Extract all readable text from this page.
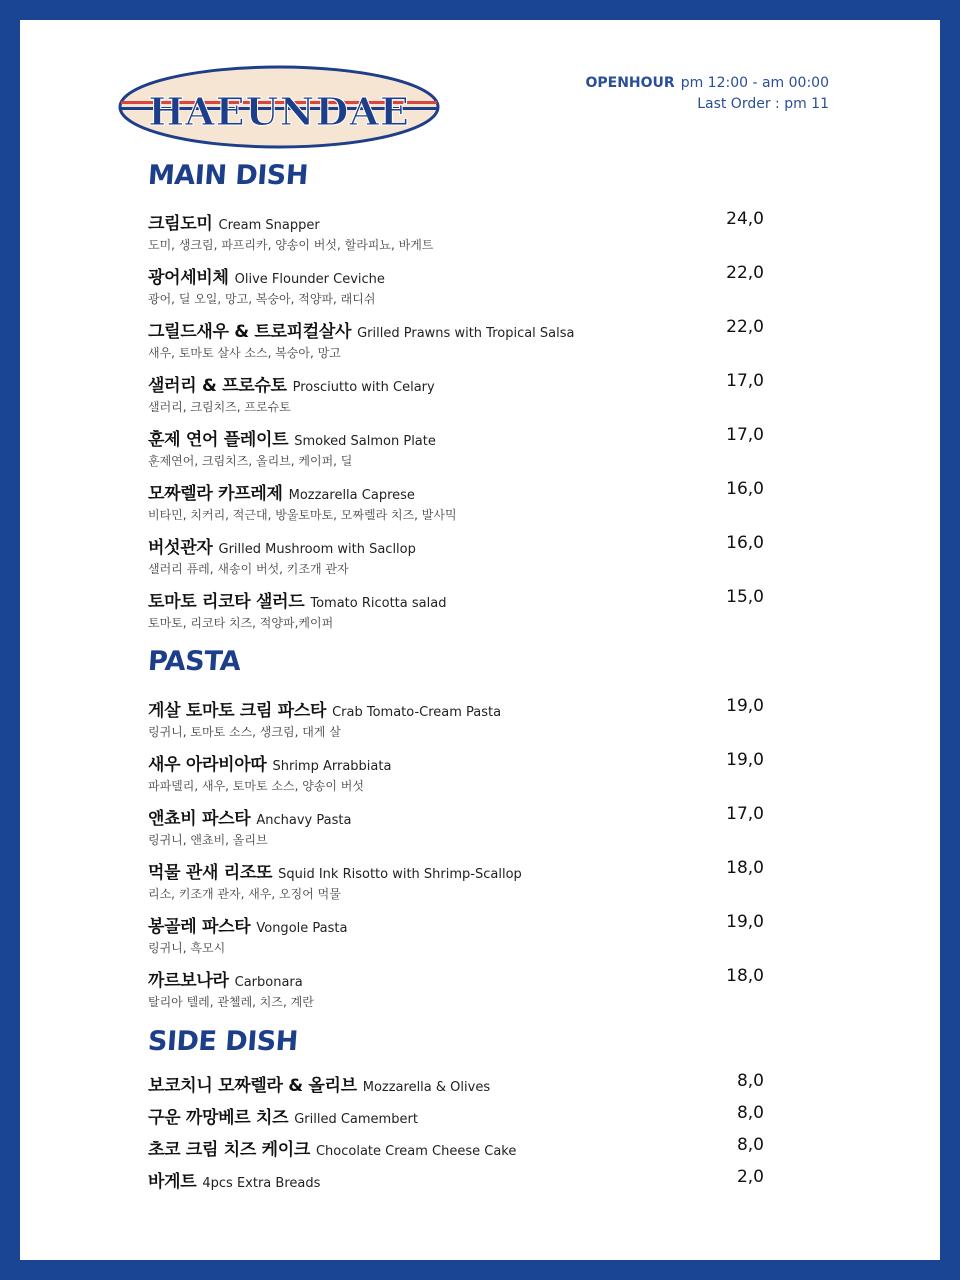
HAEUNDAE
OPENHOUR pm 12:00 - am 00:00
Last Order : pm 11
MAIN DISH
크림도미 Cream Snapper	24,0
도미, 생크림, 파프리카, 양송이 버섯, 할라피뇨, 바게트
광어세비체 Olive Flounder Ceviche	22,0
광어, 딜 오일, 망고, 복숭아, 적양파, 래디쉬
그릴드새우 & 트로피컬살사 Grilled Prawns with Tropical Salsa	22,0
새우, 토마토 살사 소스, 복숭아, 망고
샐러리 & 프로슈토 Prosciutto with Celary	17,0
샐러리, 크림치즈, 프로슈토
훈제 연어 플레이트 Smoked Salmon Plate	17,0
훈제연어, 크림치즈, 올리브, 케이퍼, 딜
모짜렐라 카프레제 Mozzarella Caprese	16,0
비타민, 치커리, 적근대, 방울토마토, 모짜렐라 치즈, 발사믹
버섯관자 Grilled Mushroom with Sacllop	16,0
샐러리 퓨레, 새송이 버섯, 키조개 관자
토마토 리코타 샐러드 Tomato Ricotta salad	15,0
토마토, 리코타 치즈, 적양파,케이퍼
PASTA
게살 토마토 크림 파스타 Crab Tomato-Cream Pasta	19,0
링귀니, 토마토 소스, 생크림, 대게 살
새우 아라비아따 Shrimp Arrabbiata	19,0
파파델리, 새우, 토마토 소스, 양송이 버섯
앤쵸비 파스타 Anchavy Pasta	17,0
링귀니, 앤쵸비, 올리브
먹물 관새 리조또 Squid Ink Risotto with Shrimp-Scallop	18,0
리소, 키조개 관자, 새우, 오징어 먹물
봉골레 파스타 Vongole Pasta	19,0
링귀니, 흑모시
까르보나라 Carbonara	18,0
탈리아 텔레, 관첼레, 치즈, 계란
SIDE DISH
보코치니 모짜렐라 & 올리브 Mozzarella & Olives	8,0
구운 까망베르 치즈 Grilled Camembert	8,0
초코 크림 치즈 케이크 Chocolate Cream Cheese Cake	8,0
바게트 4pcs Extra Breads	2,0
